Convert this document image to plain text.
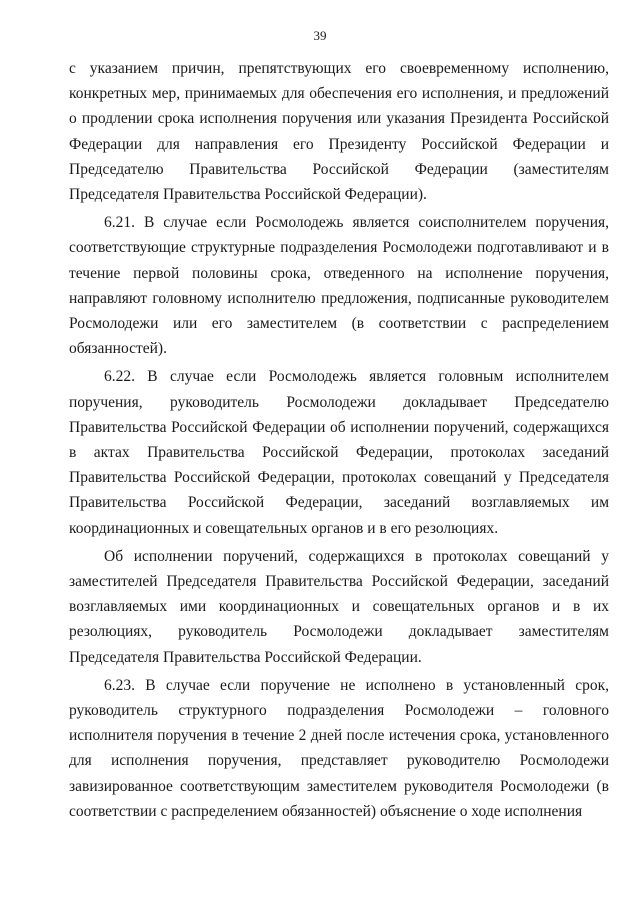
39

с указанием причин, препятствующих его своевременному исполнению, конкретных мер, принимаемых для обеспечения его исполнения, и предложений о продлении срока исполнения поручения или указания Президента Российской Федерации для направления его Президенту Российской Федерации и Председателю Правительства Российской Федерации (заместителям Председателя Правительства Российской Федерации).

6.21. В случае если Росмолодежь является соисполнителем поручения, соответствующие структурные подразделения Росмолодежи подготавливают и в течение первой половины срока, отведенного на исполнение поручения, направляют головному исполнителю предложения, подписанные руководителем Росмолодежи или его заместителем (в соответствии с распределением обязанностей).

6.22. В случае если Росмолодежь является головным исполнителем поручения, руководитель Росмолодежи докладывает Председателю Правительства Российской Федерации об исполнении поручений, содержащихся в актах Правительства Российской Федерации, протоколах заседаний Правительства Российской Федерации, протоколах совещаний у Председателя Правительства Российской Федерации, заседаний возглавляемых им координационных и совещательных органов и в его резолюциях.

Об исполнении поручений, содержащихся в протоколах совещаний у заместителей Председателя Правительства Российской Федерации, заседаний возглавляемых ими координационных и совещательных органов и в их резолюциях, руководитель Росмолодежи докладывает заместителям Председателя Правительства Российской Федерации.

6.23. В случае если поручение не исполнено в установленный срок, руководитель структурного подразделения Росмолодежи – головного исполнителя поручения в течение 2 дней после истечения срока, установленного для исполнения поручения, представляет руководителю Росмолодежи завизированное соответствующим заместителем руководителя Росмолодежи (в соответствии с распределением обязанностей) объяснение о ходе исполнения
